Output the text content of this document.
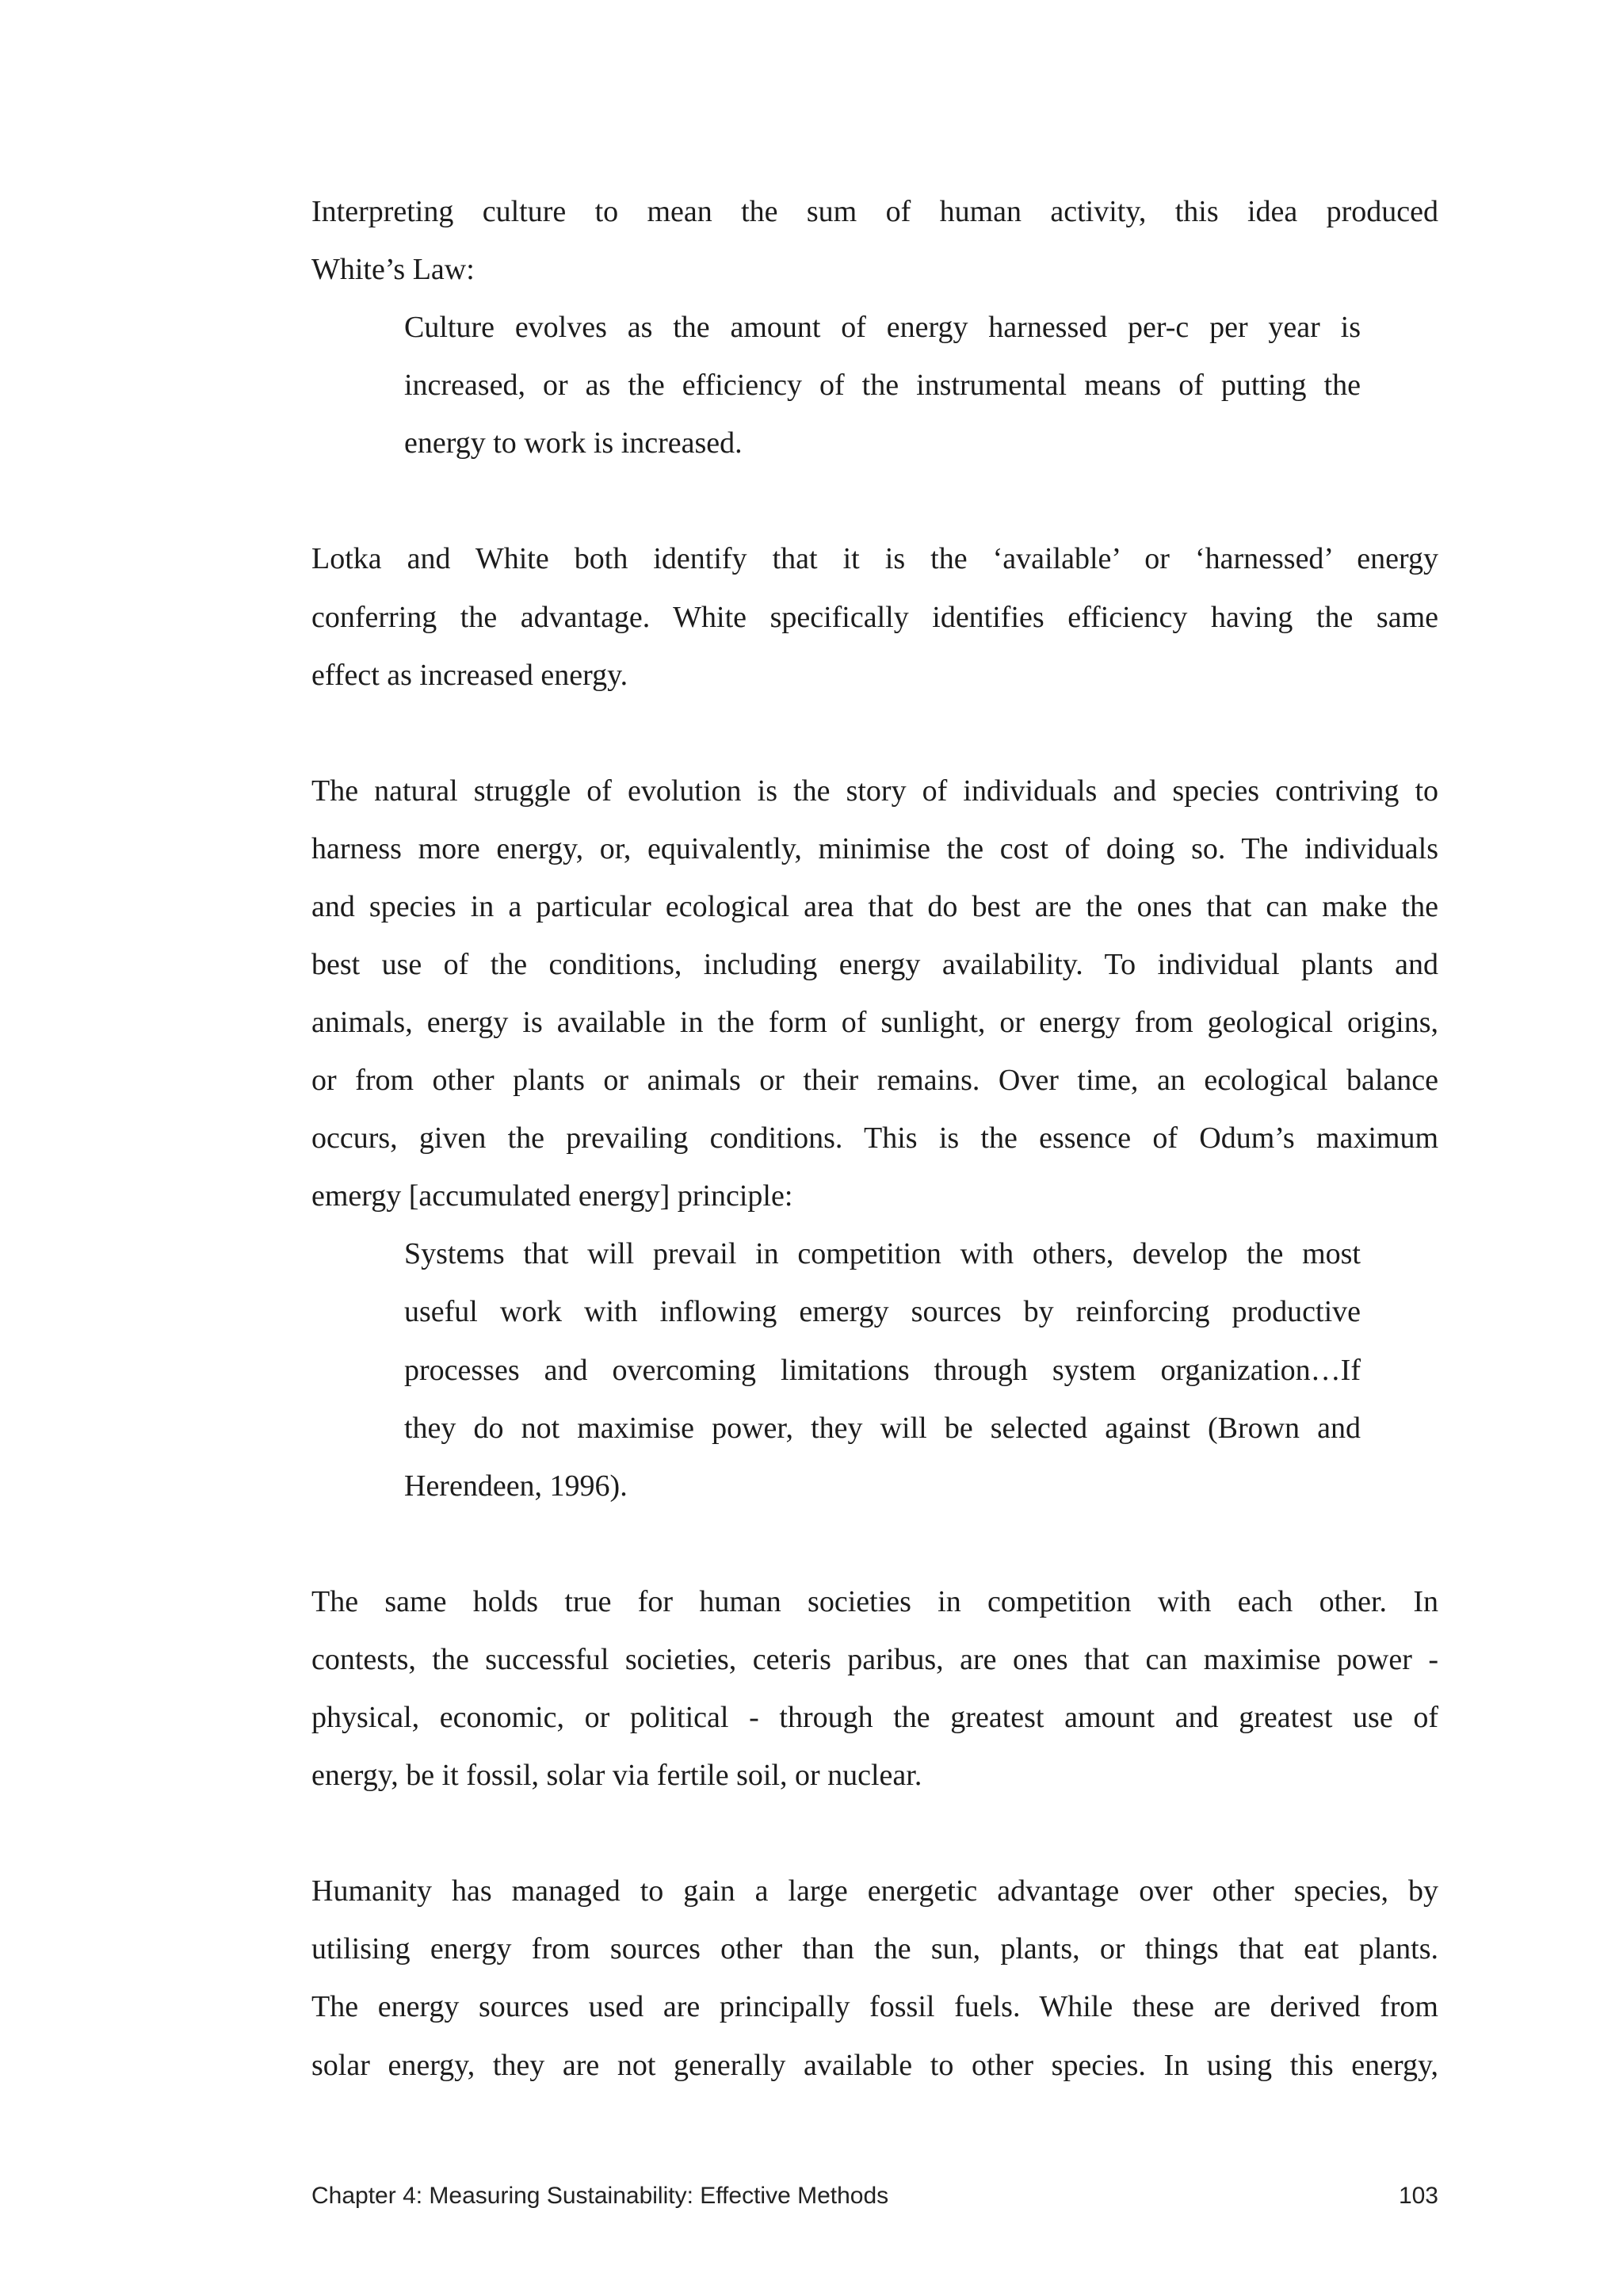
Interpreting culture to mean the sum of human activity, this idea produced
White’s Law:
Culture evolves as the amount of energy harnessed per-c per year is
increased, or as the efficiency of the instrumental means of putting the
energy to work is increased.
Lotka and White both identify that it is the ‘available’ or ‘harnessed’ energy
conferring the advantage. White specifically identifies efficiency having the same
effect as increased energy.
The natural struggle of evolution is the story of individuals and species contriving to
harness more energy, or, equivalently, minimise the cost of doing so. The individuals
and species in a particular ecological area that do best are the ones that can make the
best use of the conditions, including energy availability. To individual plants and
animals, energy is available in the form of sunlight, or energy from geological origins,
or from other plants or animals or their remains. Over time, an ecological balance
occurs, given the prevailing conditions. This is the essence of Odum’s maximum
emergy [accumulated energy] principle:
Systems that will prevail in competition with others, develop the most
useful work with inflowing emergy sources by reinforcing productive
processes and overcoming limitations through system organization…If
they do not maximise power, they will be selected against (Brown and
Herendeen, 1996).
The same holds true for human societies in competition with each other. In
contests, the successful societies, ceteris paribus, are ones that can maximise power -
physical, economic, or political - through the greatest amount and greatest use of
energy, be it fossil, solar via fertile soil, or nuclear.
Humanity has managed to gain a large energetic advantage over other species, by
utilising energy from sources other than the sun, plants, or things that eat plants.
The energy sources used are principally fossil fuels. While these are derived from
solar energy, they are not generally available to other species. In using this energy,
Chapter 4: Measuring Sustainability: Effective Methods	103
